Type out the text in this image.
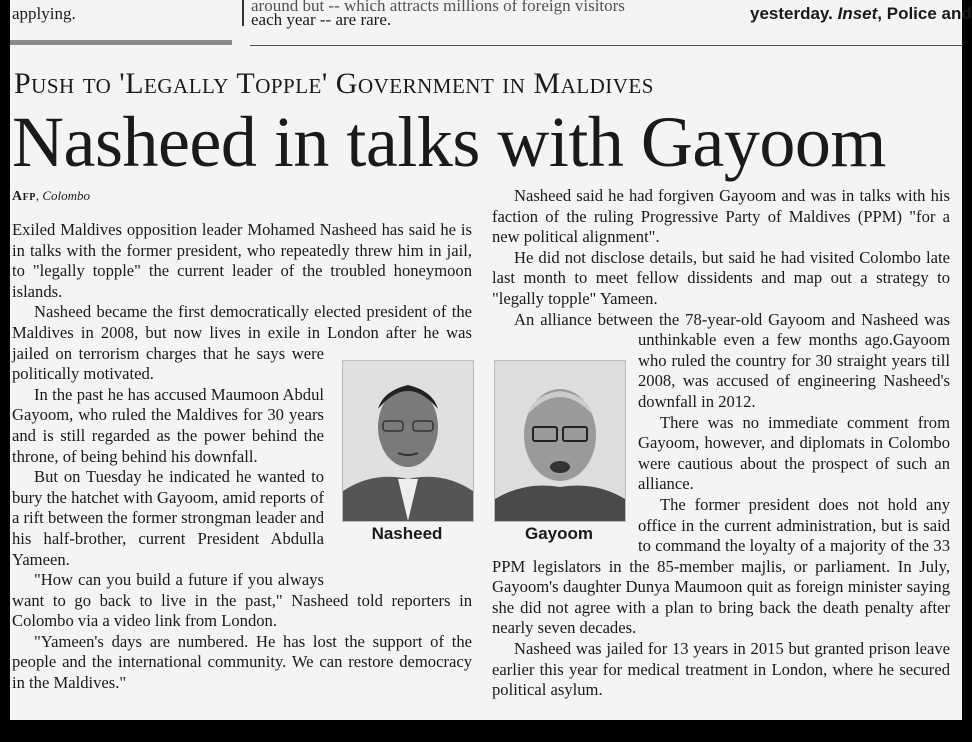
applying.	around but -- which attracts millions of foreign visitors
each year -- are rare.	yesterday. Inset, Police and
Push to 'Legally Topple' Government in Maldives
Nasheed in talks with Gayoom
Afp, Colombo

Exiled Maldives opposition leader Mohamed Nasheed has said he is in talks with the former president, who repeatedly threw him in jail, to "legally topple" the current leader of the troubled honeymoon islands.

Nasheed became the first democratically elected president of the Maldives in 2008, but now lives in exile in London after
he was jailed on terrorism charges that he says were politically motivated.

In the past he has accused Maumoon Abdul Gayoom, who ruled the Maldives for 30 years and is still regarded as the power behind the throne, of being behind his downfall.

But on Tuesday he indicated he wanted to bury the hatchet with Gayoom, amid reports of a rift between the former strongman leader and his half-brother, current President Abdulla Yameen.

"How can you build a future if you always want to go back to live in the past," Nasheed told reporters in Colombo via a video link from London.

"Yameen's days are numbered. He has lost the support of the people and the international community. We can restore democracy in the Maldives."

Nasheed said he had forgiven Gayoom and was in talks with his faction of the ruling Progressive Party of Maldives (PPM) "for a new political alignment".

He did not disclose details, but said he had visited Colombo late last month to meet fellow dissidents and map out a strategy to "legally topple" Yameen.

An alliance between the 78-year-old Gayoom and Nasheed was unthinkable even a few months ago.
Gayoom who ruled the country for 30 straight years till 2008, was accused of engineering Nasheed's downfall in 2012.

There was no immediate comment from Gayoom, however, and diplomats in Colombo were cautious about the prospect of such an alliance.

The former president does not hold any office in the current administration, but is said to command the loyalty of a majority of the 33 PPM legislators in the 85-member majlis, or parliament. In July, Gayoom's daughter Dunya Maumoon quit as foreign minister saying she did not agree with a plan to bring back the death penalty after nearly seven decades.

Nasheed was jailed for 13 years in 2015 but granted prison leave earlier this year for medical treatment in London, where he secured political asylum.

Nasheed	Gayoom
